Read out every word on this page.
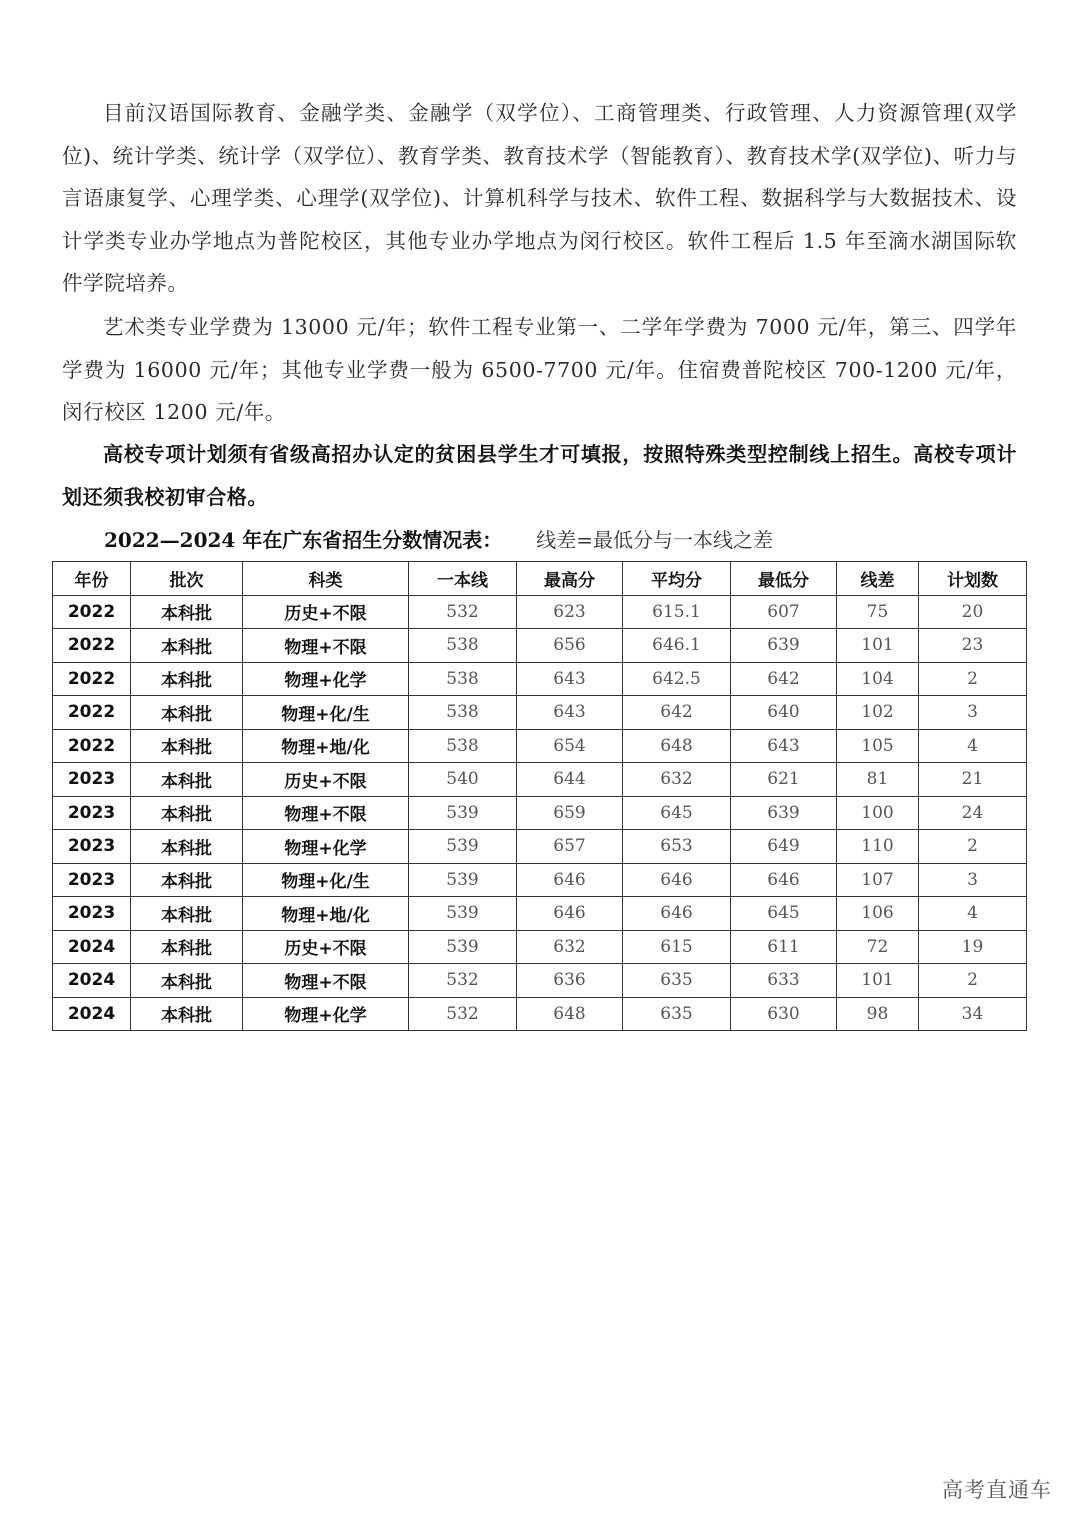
目前汉语国际教育、金融学类、金融学（双学位）、工商管理类、行政管理、人力资源管理(双学位)、统计学类、统计学（双学位）、教育学类、教育技术学（智能教育）、教育技术学(双学位)、听力与言语康复学、心理学类、心理学(双学位)、计算机科学与技术、软件工程、数据科学与大数据技术、设计学类专业办学地点为普陀校区，其他专业办学地点为闵行校区。软件工程后 1.5 年至滴水湖国际软件学院培养。

艺术类专业学费为 13000 元/年；软件工程专业第一、二学年学费为 7000 元/年，第三、四学年学费为 16000 元/年；其他专业学费一般为 6500-7700 元/年。住宿费普陀校区 700-1200 元/年，闵行校区 1200 元/年。

高校专项计划须有省级高招办认定的贫困县学生才可填报，按照特殊类型控制线上招生。高校专项计划还须我校初审合格。

2022—2024 年在广东省招生分数情况表： 线差=最低分与一本线之差
年份	批次	科类	一本线	最高分	平均分	最低分	线差	计划数
2022	本科批	历史+不限	532	623	615.1	607	75	20
2022	本科批	物理+不限	538	656	646.1	639	101	23
2022	本科批	物理+化学	538	643	642.5	642	104	2
2022	本科批	物理+化/生	538	643	642	640	102	3
2022	本科批	物理+地/化	538	654	648	643	105	4
2023	本科批	历史+不限	540	644	632	621	81	21
2023	本科批	物理+不限	539	659	645	639	100	24
2023	本科批	物理+化学	539	657	653	649	110	2
2023	本科批	物理+化/生	539	646	646	646	107	3
2023	本科批	物理+地/化	539	646	646	645	106	4
2024	本科批	历史+不限	539	632	615	611	72	19
2024	本科批	物理+不限	532	636	635	633	101	2
2024	本科批	物理+化学	532	648	635	630	98	34
高考直通车
